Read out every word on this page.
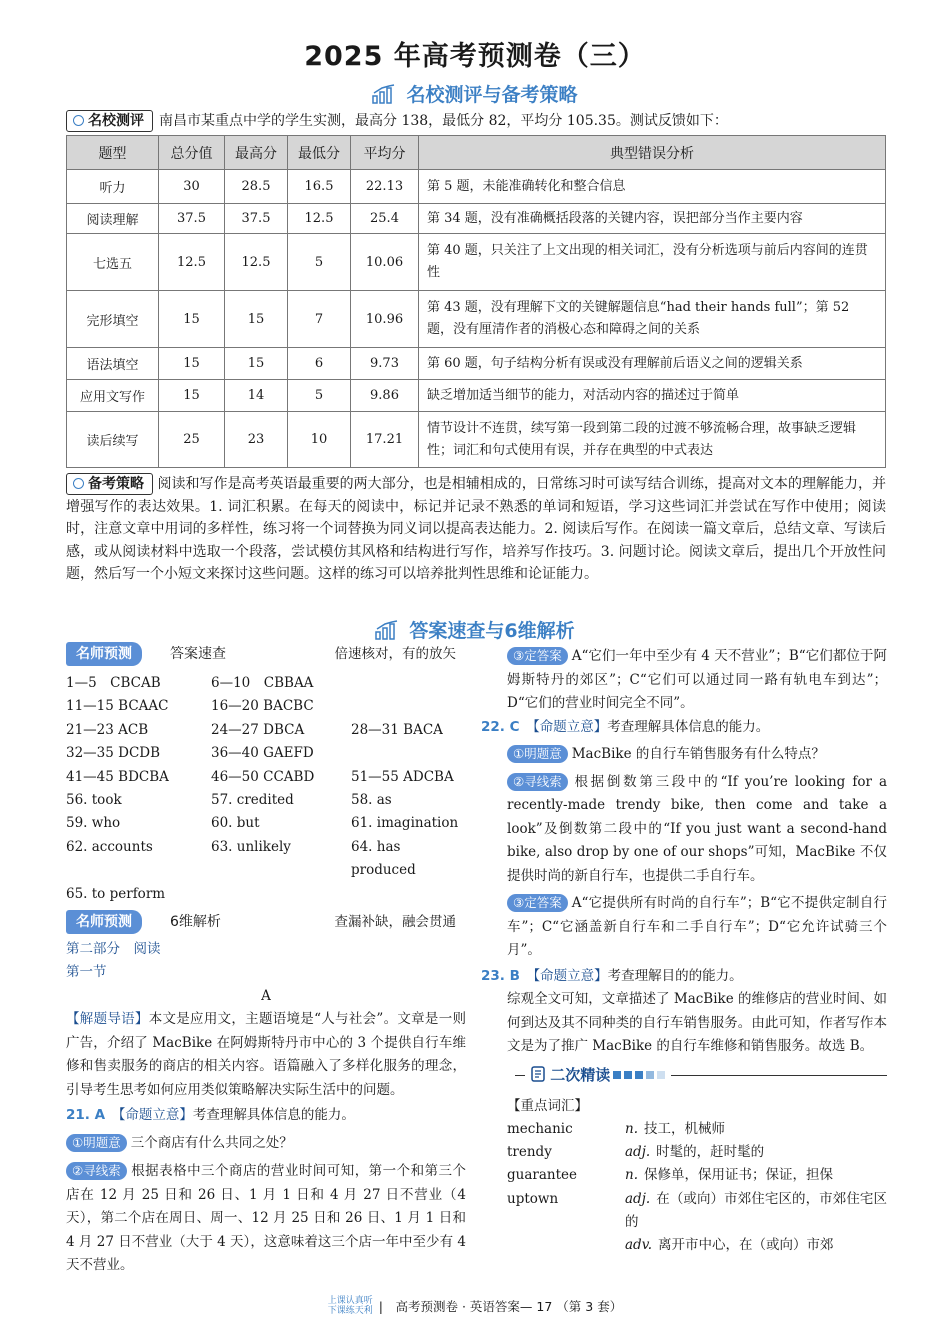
2025 年高考预测卷（三）
名校测评与备考策略
名校测评 南昌市某重点中学的学生实测，最高分 138，最低分 82，平均分 105.35。测试反馈如下：
题型	总分值	最高分	最低分	平均分	典型错误分析
听力	30	28.5	16.5	22.13	第 5 题，未能准确转化和整合信息
阅读理解	37.5	37.5	12.5	25.4	第 34 题，没有准确概括段落的关键内容，误把部分当作主要内容
七选五	12.5	12.5	5	10.06	第 40 题，只关注了上文出现的相关词汇，没有分析选项与前后内容间的连贯性
完形填空	15	15	7	10.96	第 43 题，没有理解下文的关键解题信息“had their hands full”；第 52 题，没有厘清作者的消极心态和障碍之间的关系
语法填空	15	15	6	9.73	第 60 题，句子结构分析有误或没有理解前后语义之间的逻辑关系
应用文写作	15	14	5	9.86	缺乏增加适当细节的能力，对活动内容的描述过于简单
读后续写	25	23	10	17.21	情节设计不连贯，续写第一段到第二段的过渡不够流畅合理，故事缺乏逻辑性；词汇和句式使用有误，并存在典型的中式表达
备考策略 阅读和写作是高考英语最重要的两大部分，也是相辅相成的，日常练习时可读写结合训练，提高对文本的理解能力，并增强写作的表达效果。1. 词汇积累。在每天的阅读中，标记并记录不熟悉的单词和短语，学习这些词汇并尝试在写作中使用；阅读时，注意文章中用词的多样性，练习将一个词替换为同义词以提高表达能力。2. 阅读后写作。在阅读一篇文章后，总结文章、写读后感，或从阅读材料中选取一个段落，尝试模仿其风格和结构进行写作，培养写作技巧。3. 问题讨论。阅读文章后，提出几个开放性问题，然后写一个小短文来探讨这些问题。这样的练习可以培养批判性思维和论证能力。
答案速查与6维解析
名师预测	答案速查	倍速核对，有的放矢
1—5　CBCAB	6—10　CBBAA
11—15 BCAAC	16—20 BACBC
21—23 ACB	24—27 DBCA	28—31 BACA
32—35 DCDB	36—40 GAEFD
41—45 BDCBA	46—50 CCABD	51—55 ADCBA
56. took	57. credited	58. as
59. who	60. but	61. imagination
62. accounts	63. unlikely	64. has produced
65. to perform
名师预测	6维解析	查漏补缺，融会贯通
第二部分　阅读
第一节
A
【解题导语】本文是应用文，主题语境是“人与社会”。文章是一则广告，介绍了 MacBike 在阿姆斯特丹市中心的 3 个提供自行车维修和售卖服务的商店的相关内容。语篇融入了多样化服务的理念，引导考生思考如何应用类似策略解决实际生活中的问题。
21. A　 【命题立意】考查理解具体信息的能力。
①明题意 三个商店有什么共同之处？
②寻线索 根据表格中三个商店的营业时间可知，第一个和第三个店在 12 月 25 日和 26 日、1 月 1 日和 4 月 27 日不营业（4 天），第二个店在周日、周一、12 月 25 日和 26 日、1 月 1 日和 4 月 27 日不营业（大于 4 天），这意味着这三个店一年中至少有 4 天不营业。
③定答案 A“它们一年中至少有 4 天不营业”；B“它们都位于阿姆斯特丹的郊区”；C“它们可以通过同一路有轨电车到达”；D“它们的营业时间完全不同”。
22. C　 【命题立意】考查理解具体信息的能力。
①明题意 MacBike 的自行车销售服务有什么特点？
②寻线索 根据倒数第三段中的“If you’re looking for a recently-made trendy bike, then come and take a look”及倒数第二段中的“If you just want a second-hand bike, also drop by one of our shops”可知，MacBike 不仅提供时尚的新自行车，也提供二手自行车。
③定答案 A“它提供所有时尚的自行车”；B“它不提供定制自行车”；C“它涵盖新自行车和二手自行车”；D“它允许试骑三个月”。
23. B　 【命题立意】考查理解目的的能力。
综观全文可知，文章描述了 MacBike 的维修店的营业时间、如何到达及其不同种类的自行车销售服务。由此可知，作者写作本文是为了推广 MacBike 的自行车维修和销售服务。故选 B。
二次精读
【重点词汇】
mechanic	n. 技工，机械师
trendy	adj. 时髦的，赶时髦的
guarantee	n. 保修单，保用证书；保证，担保
uptown	adj. 在（或向）市郊住宅区的，市郊住宅区的
adv. 离开市中心，在（或向）市郊
上课认真听
下课练天利 |　高考预测卷 · 英语答案— 17 （第 3 套）
